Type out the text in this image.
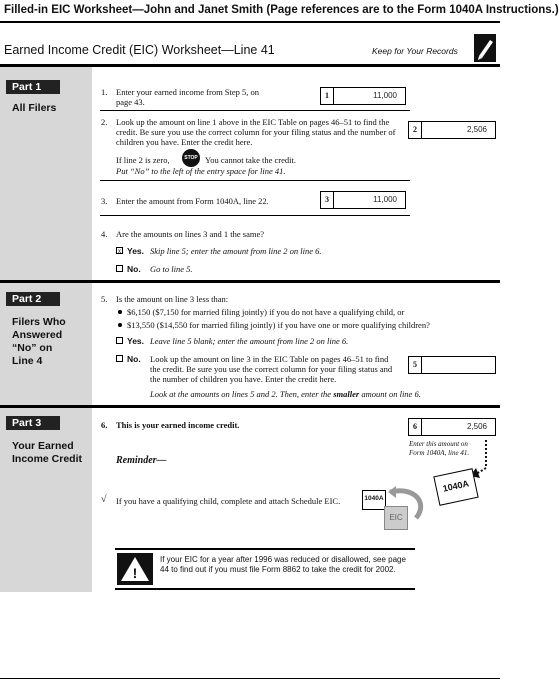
Filled-in EIC Worksheet—John and Janet Smith (Page references are to the Form 1040A Instructions.)
Earned Income Credit (EIC) Worksheet—Line 41	Keep for Your Records
Part 1
All Filers
Part 2
Filers Who Answered “No” on Line 4
Part 3
Your Earned Income Credit
1. Enter your earned income from Step 5, on page 43.
1	11,000
2. Look up the amount on line 1 above in the EIC Table on pages 46–51 to find the credit. Be sure you use the correct column for your filing status and the number of children you have. Enter the credit here.
2	2,506
If line 2 is zero,	STOP You cannot take the credit.
Put “No” to the left of the entry space for line 41.
3. Enter the amount from Form 1040A, line 22.	3	11,000
4. Are the amounts on lines 3 and 1 the same?
x Yes. Skip line 5; enter the amount from line 2 on line 6.
No. Go to line 5.
5. Is the amount on line 3 less than:
$6,150 ($7,150 for married filing jointly) if you do not have a qualifying child, or
$13,550 ($14,550 for married filing jointly) if you have one or more qualifying children?
Yes. Leave line 5 blank; enter the amount from line 2 on line 6.
No. Look up the amount on line 3 in the EIC Table on pages 46–51 to find the credit. Be sure you use the correct column for your filing status and the number of children you have. Enter the credit here.
5
Look at the amounts on lines 5 and 2. Then, enter the smaller amount on line 6.
6. This is your earned income credit.	6	2,506
Enter this amount on Form 1040A, line 41.
1040A
Reminder—
√ If you have a qualifying child, complete and attach Schedule EIC.	1040A
EIC
!
If your EIC for a year after 1996 was reduced or disallowed, see page 44 to find out if you must file Form 8862 to take the credit for 2002.
